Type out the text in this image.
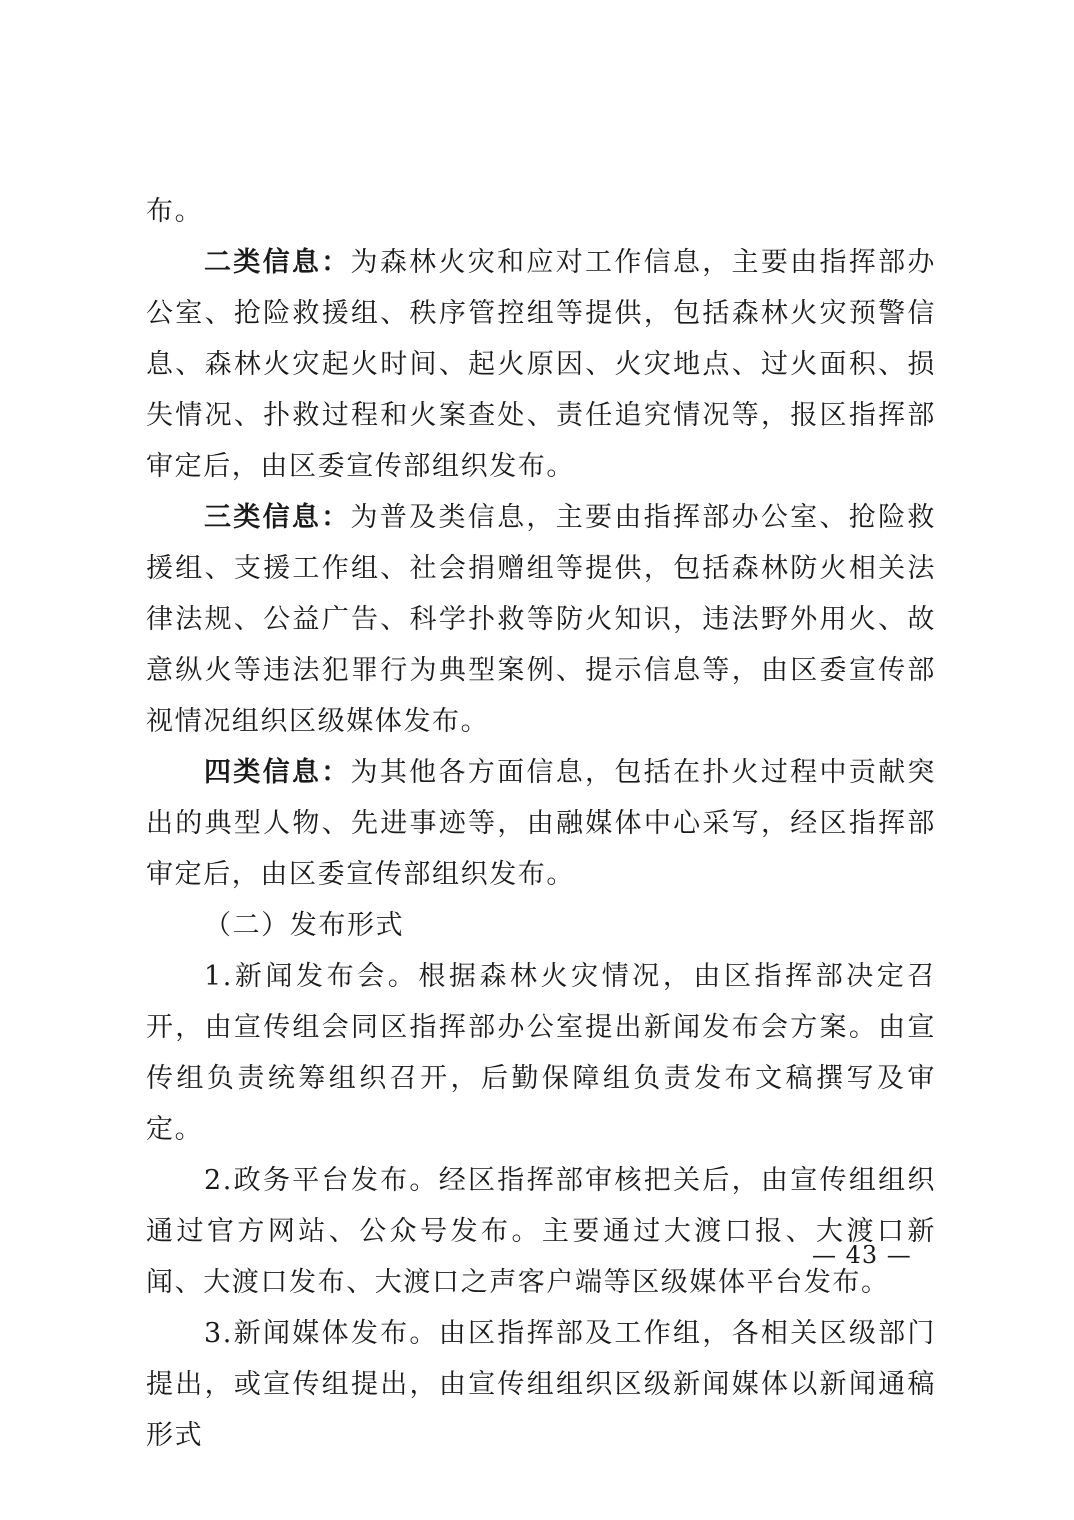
布。

二类信息：为森林火灾和应对工作信息，主要由指挥部办公室、抢险救援组、秩序管控组等提供，包括森林火灾预警信息、森林火灾起火时间、起火原因、火灾地点、过火面积、损失情况、扑救过程和火案查处、责任追究情况等，报区指挥部审定后，由区委宣传部组织发布。

三类信息：为普及类信息，主要由指挥部办公室、抢险救援组、支援工作组、社会捐赠组等提供，包括森林防火相关法律法规、公益广告、科学扑救等防火知识，违法野外用火、故意纵火等违法犯罪行为典型案例、提示信息等，由区委宣传部视情况组织区级媒体发布。

四类信息：为其他各方面信息，包括在扑火过程中贡献突出的典型人物、先进事迹等，由融媒体中心采写，经区指挥部审定后，由区委宣传部组织发布。

（二）发布形式

1.新闻发布会。根据森林火灾情况，由区指挥部决定召开，由宣传组会同区指挥部办公室提出新闻发布会方案。由宣传组负责统筹组织召开，后勤保障组负责发布文稿撰写及审定。

2.政务平台发布。经区指挥部审核把关后，由宣传组组织通过官方网站、公众号发布。主要通过大渡口报、大渡口新闻、大渡口发布、大渡口之声客户端等区级媒体平台发布。

3.新闻媒体发布。由区指挥部及工作组，各相关区级部门提出，或宣传组提出，由宣传组组织区级新闻媒体以新闻通稿形式

— 43 —
